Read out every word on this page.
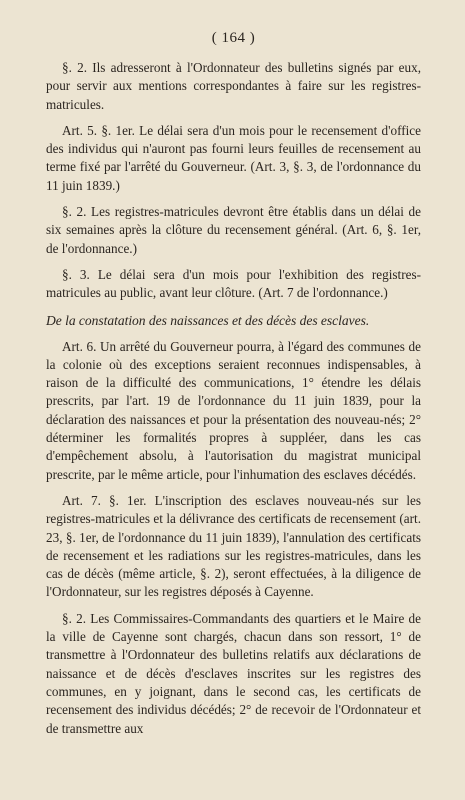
( 164 )

§. 2. Ils adresseront à l'Ordonnateur des bulletins signés par eux, pour servir aux mentions correspondantes à faire sur les registres-matricules.

Art. 5. §. 1er. Le délai sera d'un mois pour le recensement d'office des individus qui n'auront pas fourni leurs feuilles de recensement au terme fixé par l'arrêté du Gouverneur. (Art. 3, §. 3, de l'ordonnance du 11 juin 1839.)

§. 2. Les registres-matricules devront être établis dans un délai de six semaines après la clôture du recensement général. (Art. 6, §. 1er, de l'ordonnance.)

§. 3. Le délai sera d'un mois pour l'exhibition des registres-matricules au public, avant leur clôture. (Art. 7 de l'ordonnance.)

De la constatation des naissances et des décès des esclaves.

Art. 6. Un arrêté du Gouverneur pourra, à l'égard des communes de la colonie où des exceptions seraient reconnues indispensables, à raison de la difficulté des communications, 1° étendre les délais prescrits, par l'art. 19 de l'ordonnance du 11 juin 1839, pour la déclaration des naissances et pour la présentation des nouveau-nés; 2° déterminer les formalités propres à suppléer, dans les cas d'empêchement absolu, à l'autorisation du magistrat municipal prescrite, par le même article, pour l'inhumation des esclaves décédés.

Art. 7. §. 1er. L'inscription des esclaves nouveau-nés sur les registres-matricules et la délivrance des certificats de recensement (art. 23, §. 1er, de l'ordonnance du 11 juin 1839), l'annulation des certificats de recensement et les radiations sur les registres-matricules, dans les cas de décès (même article, §. 2), seront effectuées, à la diligence de l'Ordonnateur, sur les registres déposés à Cayenne.

§. 2. Les Commissaires-Commandants des quartiers et le Maire de la ville de Cayenne sont chargés, chacun dans son ressort, 1° de transmettre à l'Ordonnateur des bulletins relatifs aux déclarations de naissance et de décès d'esclaves inscrites sur les registres des communes, en y joignant, dans le second cas, les certificats de recensement des individus décédés; 2° de recevoir de l'Ordonnateur et de transmettre aux
